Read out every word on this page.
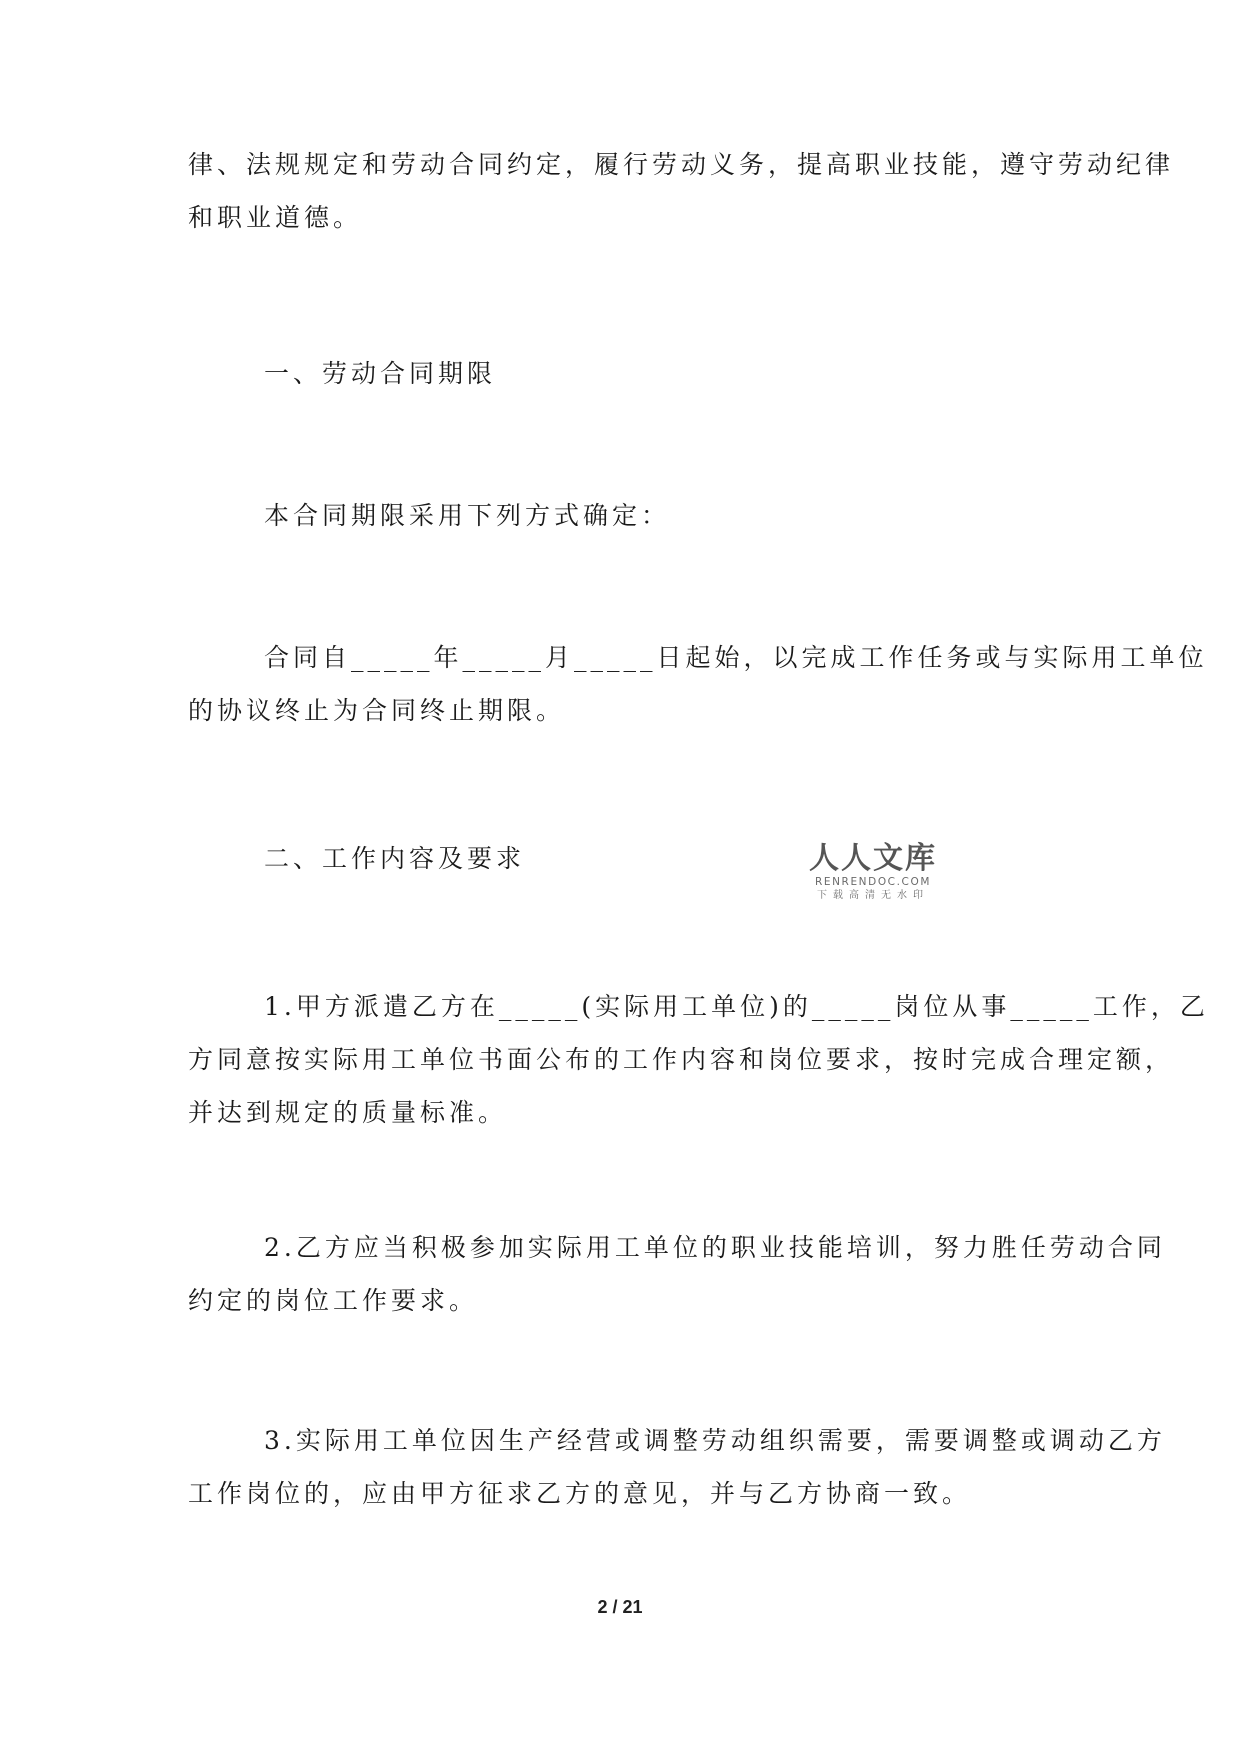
律、法规规定和劳动合同约定，履行劳动义务，提高职业技能，遵守劳动纪律
和职业道德。
一、劳动合同期限
本合同期限采用下列方式确定：
合同自_____年_____月_____日起始，以完成工作任务或与实际用工单位
的协议终止为合同终止期限。
二、工作内容及要求	人人文库
RENRENDOC.COM
下载高清无水印
1.甲方派遣乙方在_____(实际用工单位)的_____岗位从事_____工作，乙
方同意按实际用工单位书面公布的工作内容和岗位要求，按时完成合理定额，
并达到规定的质量标准。
2.乙方应当积极参加实际用工单位的职业技能培训，努力胜任劳动合同
约定的岗位工作要求。
3.实际用工单位因生产经营或调整劳动组织需要，需要调整或调动乙方
工作岗位的，应由甲方征求乙方的意见，并与乙方协商一致。
2 / 21
